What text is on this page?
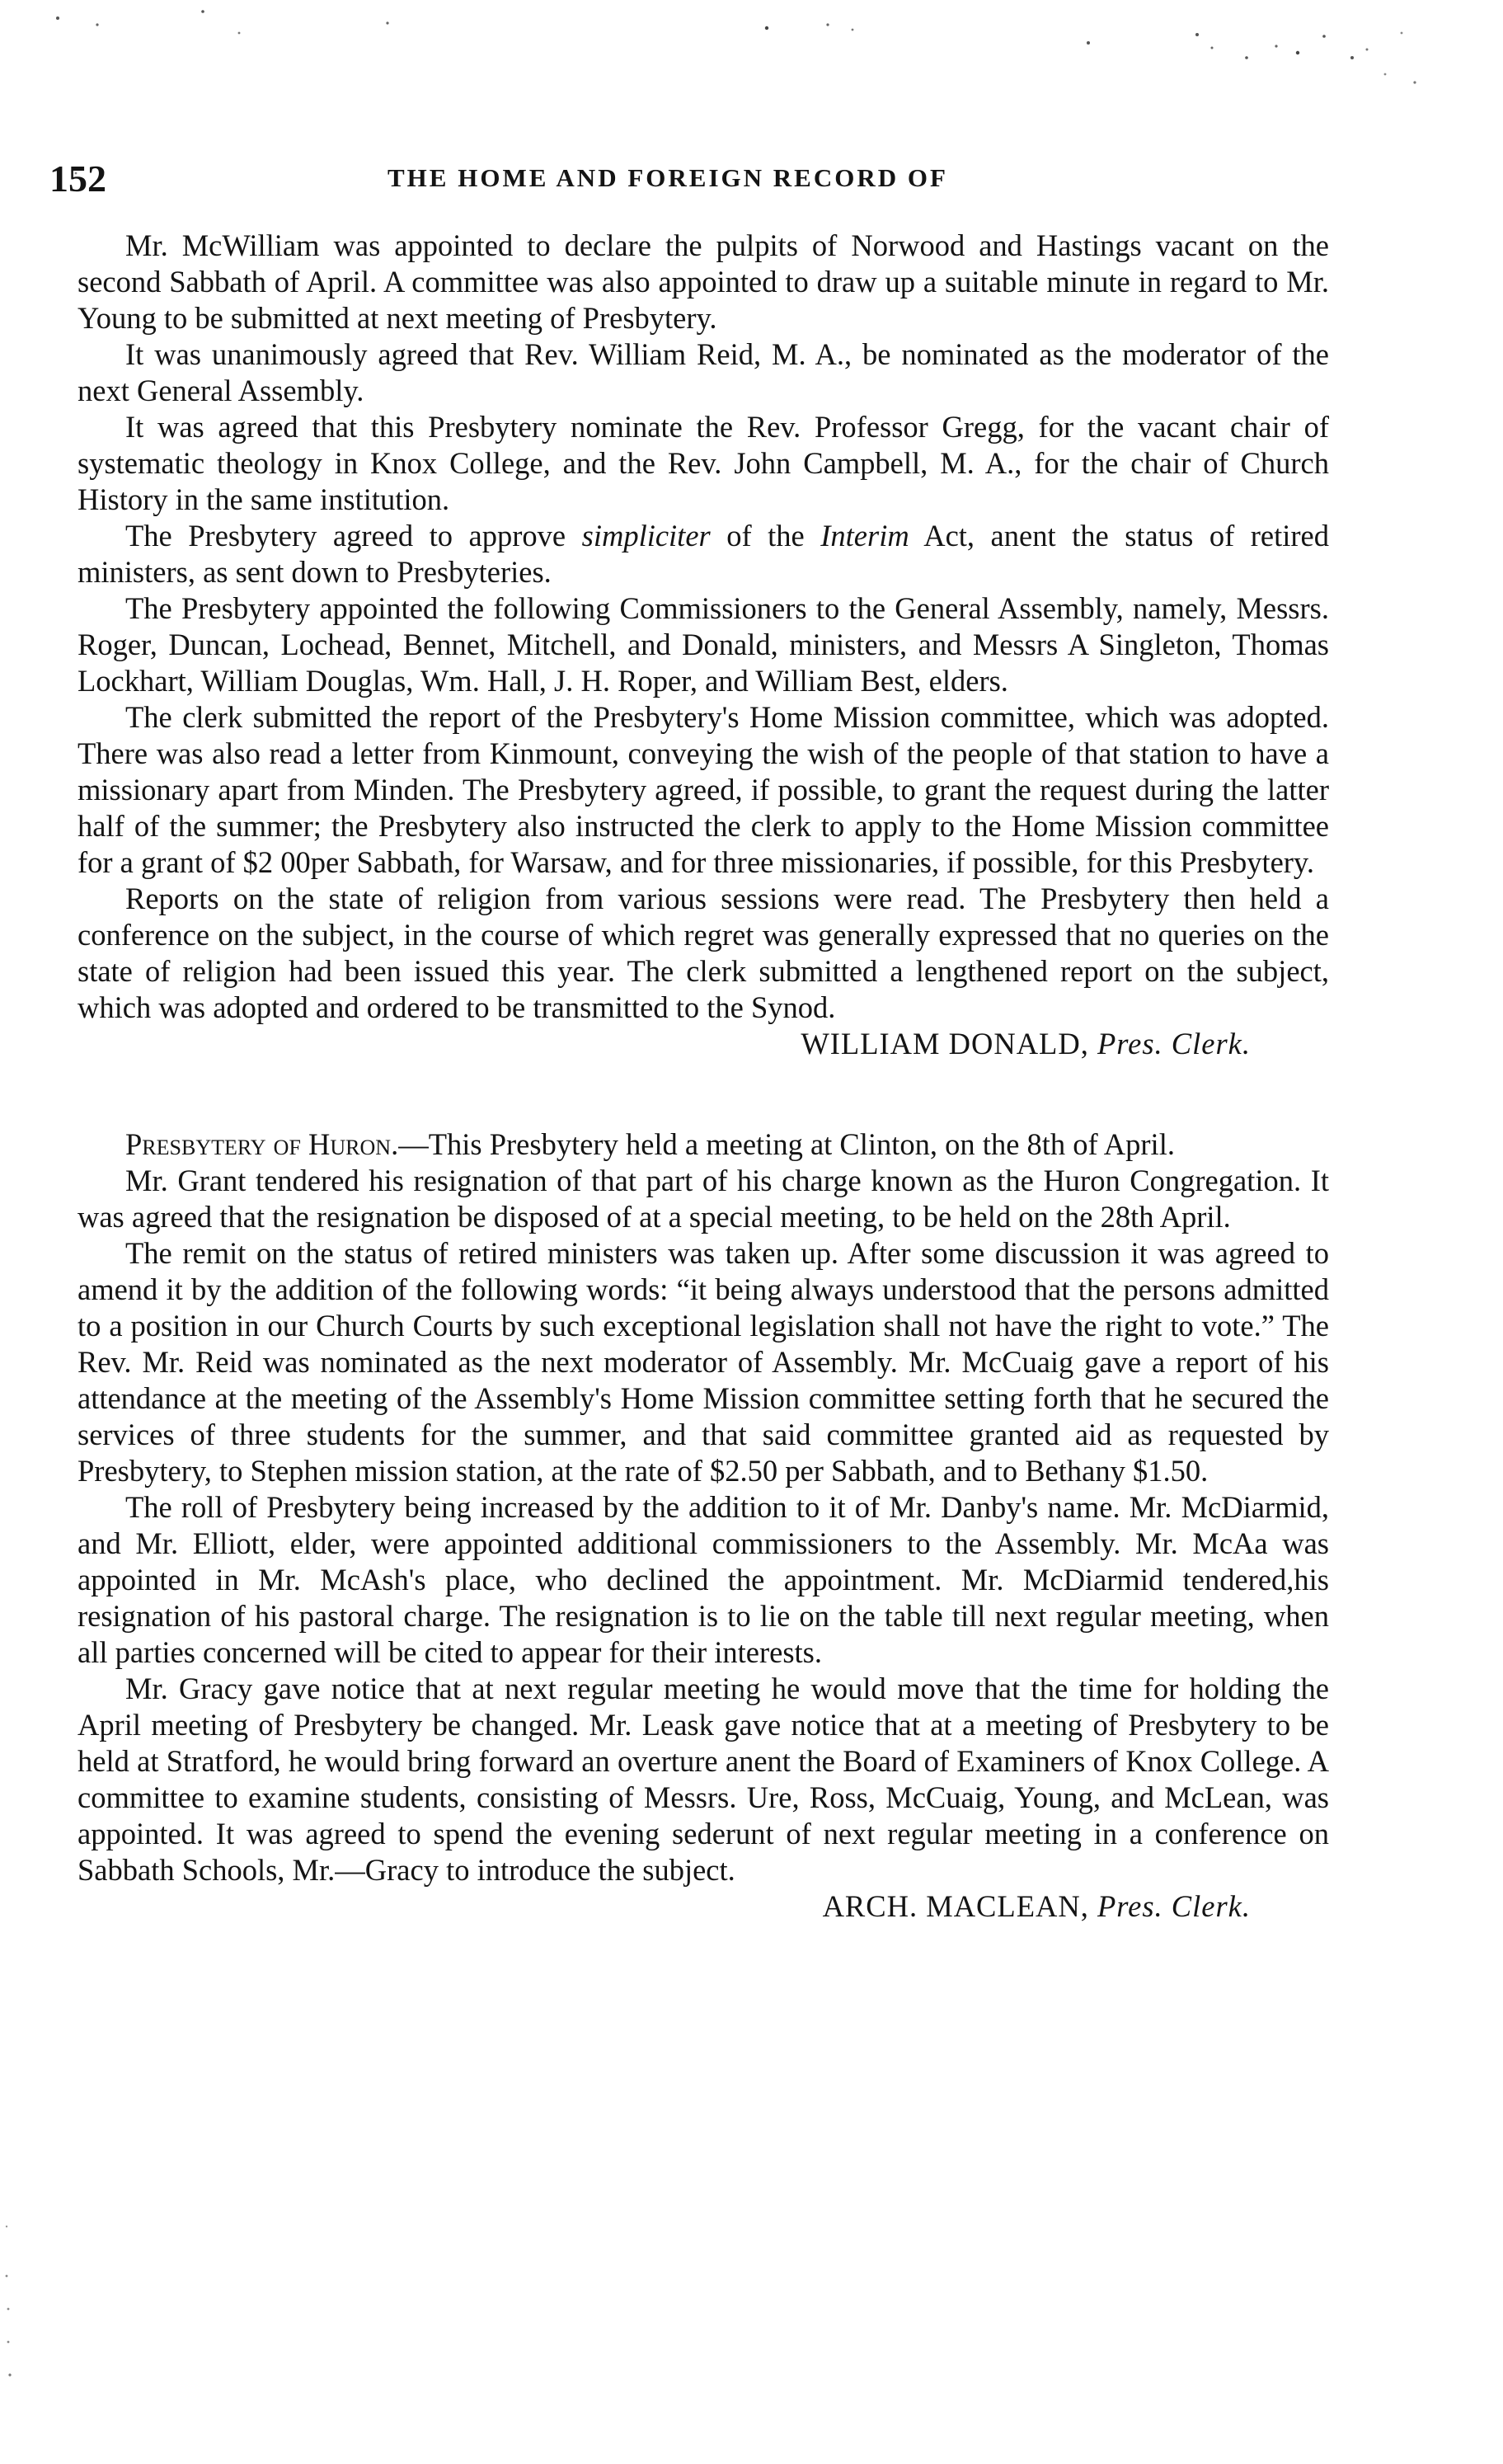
152	THE HOME AND FOREIGN RECORD OF

Mr. McWilliam was appointed to declare the pulpits of Norwood and Hastings vacant on the second Sabbath of April. A committee was also appointed to draw up a suitable minute in regard to Mr. Young to be submitted at next meeting of Presbytery.

It was unanimously agreed that Rev. William Reid, M. A., be nominated as the moderator of the next General Assembly.

It was agreed that this Presbytery nominate the Rev. Professor Gregg, for the vacant chair of systematic theology in Knox College, and the Rev. John Campbell, M. A., for the chair of Church History in the same institution.

The Presbytery agreed to approve simpliciter of the Interim Act, anent the status of retired ministers, as sent down to Presbyteries.

The Presbytery appointed the following Commissioners to the General Assembly, namely, Messrs. Roger, Duncan, Lochead, Bennet, Mitchell, and Donald, ministers, and Messrs A Singleton, Thomas Lockhart, William Douglas, Wm. Hall, J. H. Roper, and William Best, elders.

The clerk submitted the report of the Presbytery's Home Mission committee, which was adopted. There was also read a letter from Kinmount, conveying the wish of the people of that station to have a missionary apart from Minden. The Presbytery agreed, if possible, to grant the request during the latter half of the summer; the Presbytery also instructed the clerk to apply to the Home Mission committee for a grant of $2 00per Sabbath, for Warsaw, and for three missionaries, if possible, for this Presbytery.

Reports on the state of religion from various sessions were read. The Presbytery then held a conference on the subject, in the course of which regret was generally expressed that no queries on the state of religion had been issued this year. The clerk submitted a lengthened report on the subject, which was adopted and ordered to be transmitted to the Synod.

WILLIAM DONALD, Pres. Clerk.

Presbytery of Huron.—This Presbytery held a meeting at Clinton, on the 8th of April.

Mr. Grant tendered his resignation of that part of his charge known as the Huron Congregation. It was agreed that the resignation be disposed of at a special meeting, to be held on the 28th April.

The remit on the status of retired ministers was taken up. After some discussion it was agreed to amend it by the addition of the following words: “it being always understood that the persons admitted to a position in our Church Courts by such exceptional legislation shall not have the right to vote.” The Rev. Mr. Reid was nominated as the next moderator of Assembly. Mr. McCuaig gave a report of his attendance at the meeting of the Assembly's Home Mission committee setting forth that he secured the services of three students for the summer, and that said committee granted aid as requested by Presbytery, to Stephen mission station, at the rate of $2.50 per Sabbath, and to Bethany $1.50.

The roll of Presbytery being increased by the addition to it of Mr. Danby's name. Mr. McDiarmid, and Mr. Elliott, elder, were appointed additional commissioners to the Assembly. Mr. McAa was appointed in Mr. McAsh's place, who declined the appointment. Mr. McDiarmid tendered,his resignation of his pastoral charge. The resignation is to lie on the table till next regular meeting, when all parties concerned will be cited to appear for their interests.

Mr. Gracy gave notice that at next regular meeting he would move that the time for holding the April meeting of Presbytery be changed. Mr. Leask gave notice that at a meeting of Presbytery to be held at Stratford, he would bring forward an overture anent the Board of Examiners of Knox College. A committee to examine students, consisting of Messrs. Ure, Ross, McCuaig, Young, and McLean, was appointed. It was agreed to spend the evening sederunt of next regular meeting in a conference on Sabbath Schools, Mr.—Gracy to introduce the subject.

ARCH. MACLEAN, Pres. Clerk.
